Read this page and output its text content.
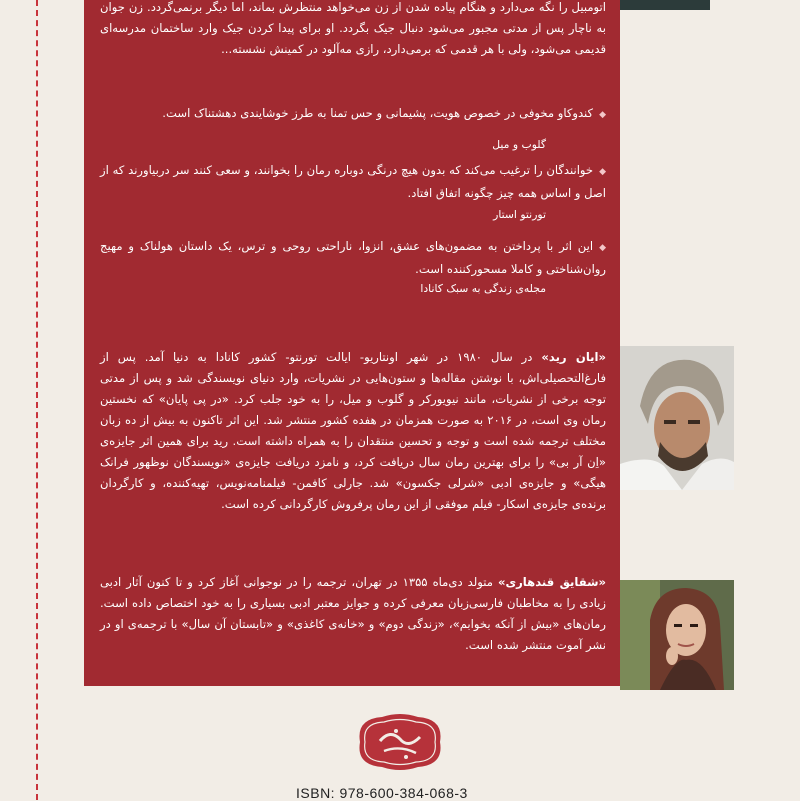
اتومبیل را نگه می‌دارد و هنگام پیاده شدن از زن می‌خواهد منتظرش بماند، اما دیگر برنمی‌گردد. زن جوان به ناچار پس از مدتی مجبور می‌شود دنبال جیک بگردد. او برای پیدا کردن جیک وارد ساختمان مدرسه‌ای قدیمی می‌شود، ولی با هر قدمی که برمی‌دارد، رازی مه‌آلود در کمینش نشسته...
◆کندوکاو مخوفی در خصوص هویت، پشیمانی و حس تمنا به طرز خوشایندی دهشتناک است.
گلوب و میل
◆خوانندگان را ترغیب می‌کند که بدون هیچ درنگی دوباره رمان را بخوانند، و سعی کنند سر دربیاورند که از اصل و اساس همه چیز چگونه اتفاق افتاد.
تورنتو استار
◆این اثر با پرداختن به مضمون‌های عشق، انزوا، ناراحتی روحی و ترس، یک داستان هولناک و مهیج روان‌شناختی و کاملا مسحورکننده است.
مجله‌ی زندگی به سبک کانادا
«ایان رید» در سال ۱۹۸۰ در شهر اونتاریو- ایالت تورنتو- کشور کانادا به دنیا آمد. پس از فارغ‌التحصیلی‌اش، با نوشتن مقاله‌ها و ستون‌هایی در نشریات، وارد دنیای نویسندگی شد و پس از مدتی توجه برخی از نشریات، مانند نیویورکر و گلوب و میل، را به خود جلب کرد. «در پی پایان» که نخستین رمان وی است، در ۲۰۱۶ به صورت همزمان در هفده کشور منتشر شد. این اثر تاکنون به بیش از ده زبان مختلف ترجمه شده است و توجه و تحسین منتقدان را به همراه داشته است. رید برای همین اثر جایزه‌ی «اِن آر بی» را برای بهترین رمان سال دریافت کرد، و نامزد دریافت جایزه‌ی «نویسندگان نوظهور فرانک هیگی» و جایزه‌ی ادبی «شرلی جکسون» شد. جارلی کافمن- فیلمنامه‌نویس، تهیه‌کننده، و کارگردان برنده‌ی جایزه‌ی اسکار- فیلم موفقی از این رمان پرفروش کارگردانی کرده است.
«شقایق قندهاری» متولد دی‌ماه ۱۳۵۵ در تهران، ترجمه را در نوجوانی آغاز کرد و تا کنون آثار ادبی زیادی را به مخاطبان فارسی‌زبان معرفی کرده و جوایز معتبر ادبی بسیاری را به خود اختصاص داده است. رمان‌های «بیش از آنکه بخوابم»، «زندگی دوم» و «خانه‌ی کاغذی» و «تابستان آن سال» با ترجمه‌ی او در نشر آموت منتشر شده است.
ISBN: 978-600-384-068-3
